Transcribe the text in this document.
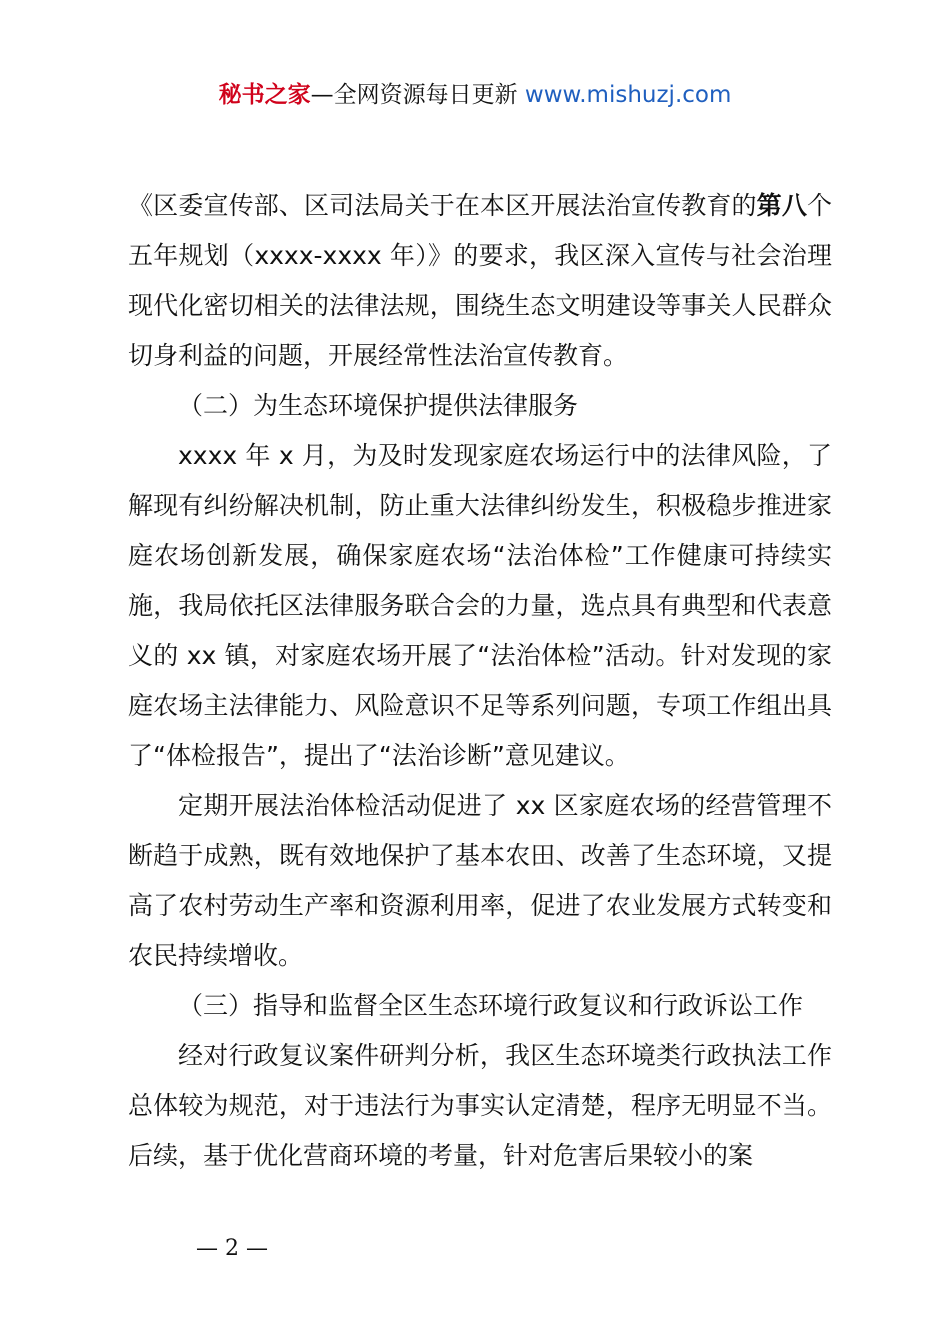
秘书之家—全网资源每日更新 www.mishuzj.com

《区委宣传部、区司法局关于在本区开展法治宣传教育的第八个五年规划（xxxx-xxxx 年）》的要求，我区深入宣传与社会治理现代化密切相关的法律法规，围绕生态文明建设等事关人民群众切身利益的问题，开展经常性法治宣传教育。

（二）为生态环境保护提供法律服务

xxxx 年 x 月，为及时发现家庭农场运行中的法律风险，了解现有纠纷解决机制，防止重大法律纠纷发生，积极稳步推进家庭农场创新发展，确保家庭农场“法治体检”工作健康可持续实施，我局依托区法律服务联合会的力量，选点具有典型和代表意义的 xx 镇，对家庭农场开展了“法治体检”活动。针对发现的家庭农场主法律能力、风险意识不足等系列问题，专项工作组出具了“体检报告”，提出了“法治诊断”意见建议。

定期开展法治体检活动促进了 xx 区家庭农场的经营管理不断趋于成熟，既有效地保护了基本农田、改善了生态环境，又提高了农村劳动生产率和资源利用率，促进了农业发展方式转变和农民持续增收。

（三）指导和监督全区生态环境行政复议和行政诉讼工作

经对行政复议案件研判分析，我区生态环境类行政执法工作总体较为规范，对于违法行为事实认定清楚，程序无明显不当。后续，基于优化营商环境的考量，针对危害后果较小的案

— 2 —
